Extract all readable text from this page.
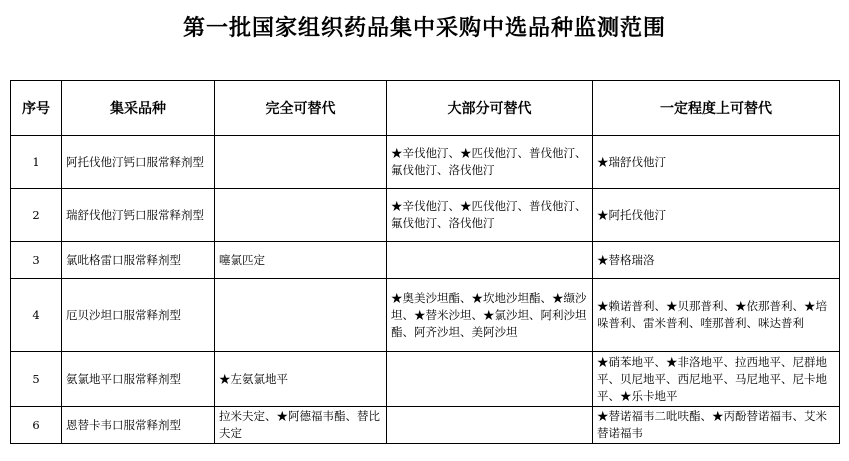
第一批国家组织药品集中采购中选品种监测范围
序号	集采品种	完全可替代	大部分可替代	一定程度上可替代
1	阿托伐他汀钙口服常释剂型		★辛伐他汀、★匹伐他汀、普伐他汀、氟伐他汀、洛伐他汀	★瑞舒伐他汀
2	瑞舒伐他汀钙口服常释剂型		★辛伐他汀、★匹伐他汀、普伐他汀、氟伐他汀、洛伐他汀	★阿托伐他汀
3	氯吡格雷口服常释剂型	噻氯匹定		★替格瑞洛
4	厄贝沙坦口服常释剂型		★奥美沙坦酯、★坎地沙坦酯、★缬沙坦、★替米沙坦、★氯沙坦、阿利沙坦酯、阿齐沙坦、美阿沙坦	★赖诺普利、★贝那普利、★依那普利、★培哚普利、雷米普利、喹那普利、咪达普利
5	氨氯地平口服常释剂型	★左氨氯地平		★硝苯地平、★非洛地平、拉西地平、尼群地平、贝尼地平、西尼地平、马尼地平、尼卡地平、★乐卡地平
6	恩替卡韦口服常释剂型	拉米夫定、★阿德福韦酯、替比夫定		★替诺福韦二吡呋酯、★丙酚替诺福韦、艾米替诺福韦
